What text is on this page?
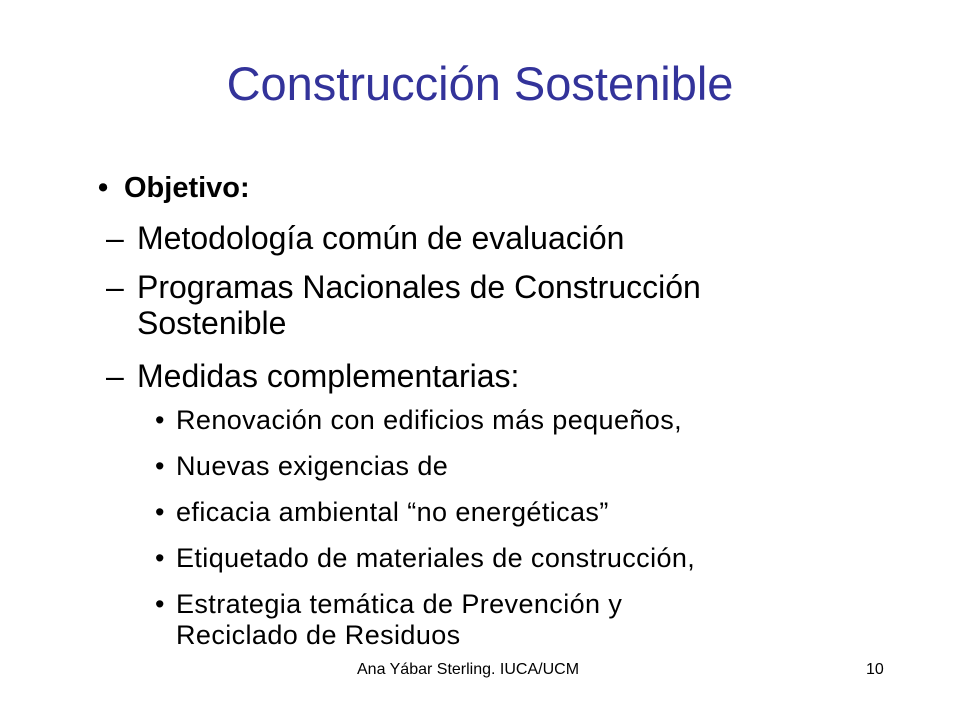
Construcción Sostenible
• Objetivo:
– Metodología común de evaluación
– Programas Nacionales de Construcción
Sostenible
– Medidas complementarias:
• Renovación con edificios más pequeños,
• Nuevas exigencias de
• eficacia ambiental “no energéticas”
• Etiquetado de materiales de construcción,
• Estrategia temática de Prevención y
Reciclado de Residuos
Ana Yábar Sterling. IUCA/UCM	10
